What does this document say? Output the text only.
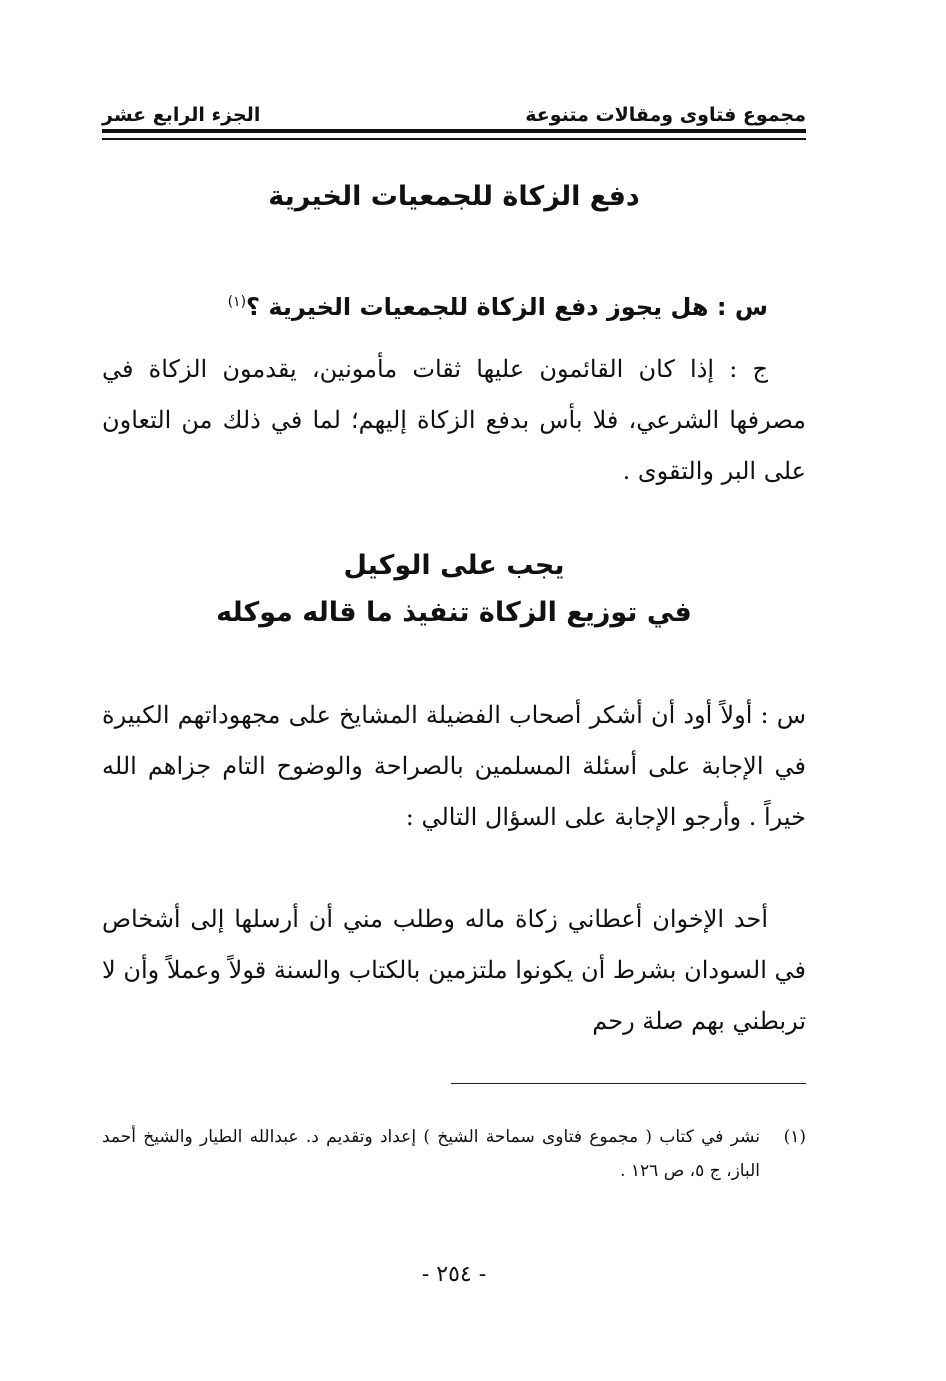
مجموع فتاوى ومقالات متنوعة
الجزء الرابع عشر
دفع الزكاة للجمعيات الخيرية
س : هل يجوز دفع الزكاة للجمعيات الخيرية ؟$^{(١)}$
ج : إذا كان القائمون عليها ثقات مأمونين، يقدمون الزكاة في مصرفها الشرعي، فلا بأس بدفع الزكاة إليهم؛ لما في ذلك من التعاون على البر والتقوى .
يجب على الوكيل
في توزيع الزكاة تنفيذ ما قاله موكله
س : أولاً أود أن أشكر أصحاب الفضيلة المشايخ على مجهوداتهم الكبيرة في الإجابة على أسئلة المسلمين بالصراحة والوضوح التام جزاهم الله خيراً . وأرجو الإجابة على السؤال التالي :
أحد الإخوان أعطاني زكاة ماله وطلب مني أن أرسلها إلى أشخاص في السودان بشرط أن يكونوا ملتزمين بالكتاب والسنة قولاً وعملاً وأن لا تربطني بهم صلة رحم
(١)
نشر في كتاب ( مجموع فتاوى سماحة الشيخ ) إعداد وتقديم د. عبدالله الطيار والشيخ أحمد الباز، ج ٥، ص ١٢٦ .
- ٢٥٤ -
